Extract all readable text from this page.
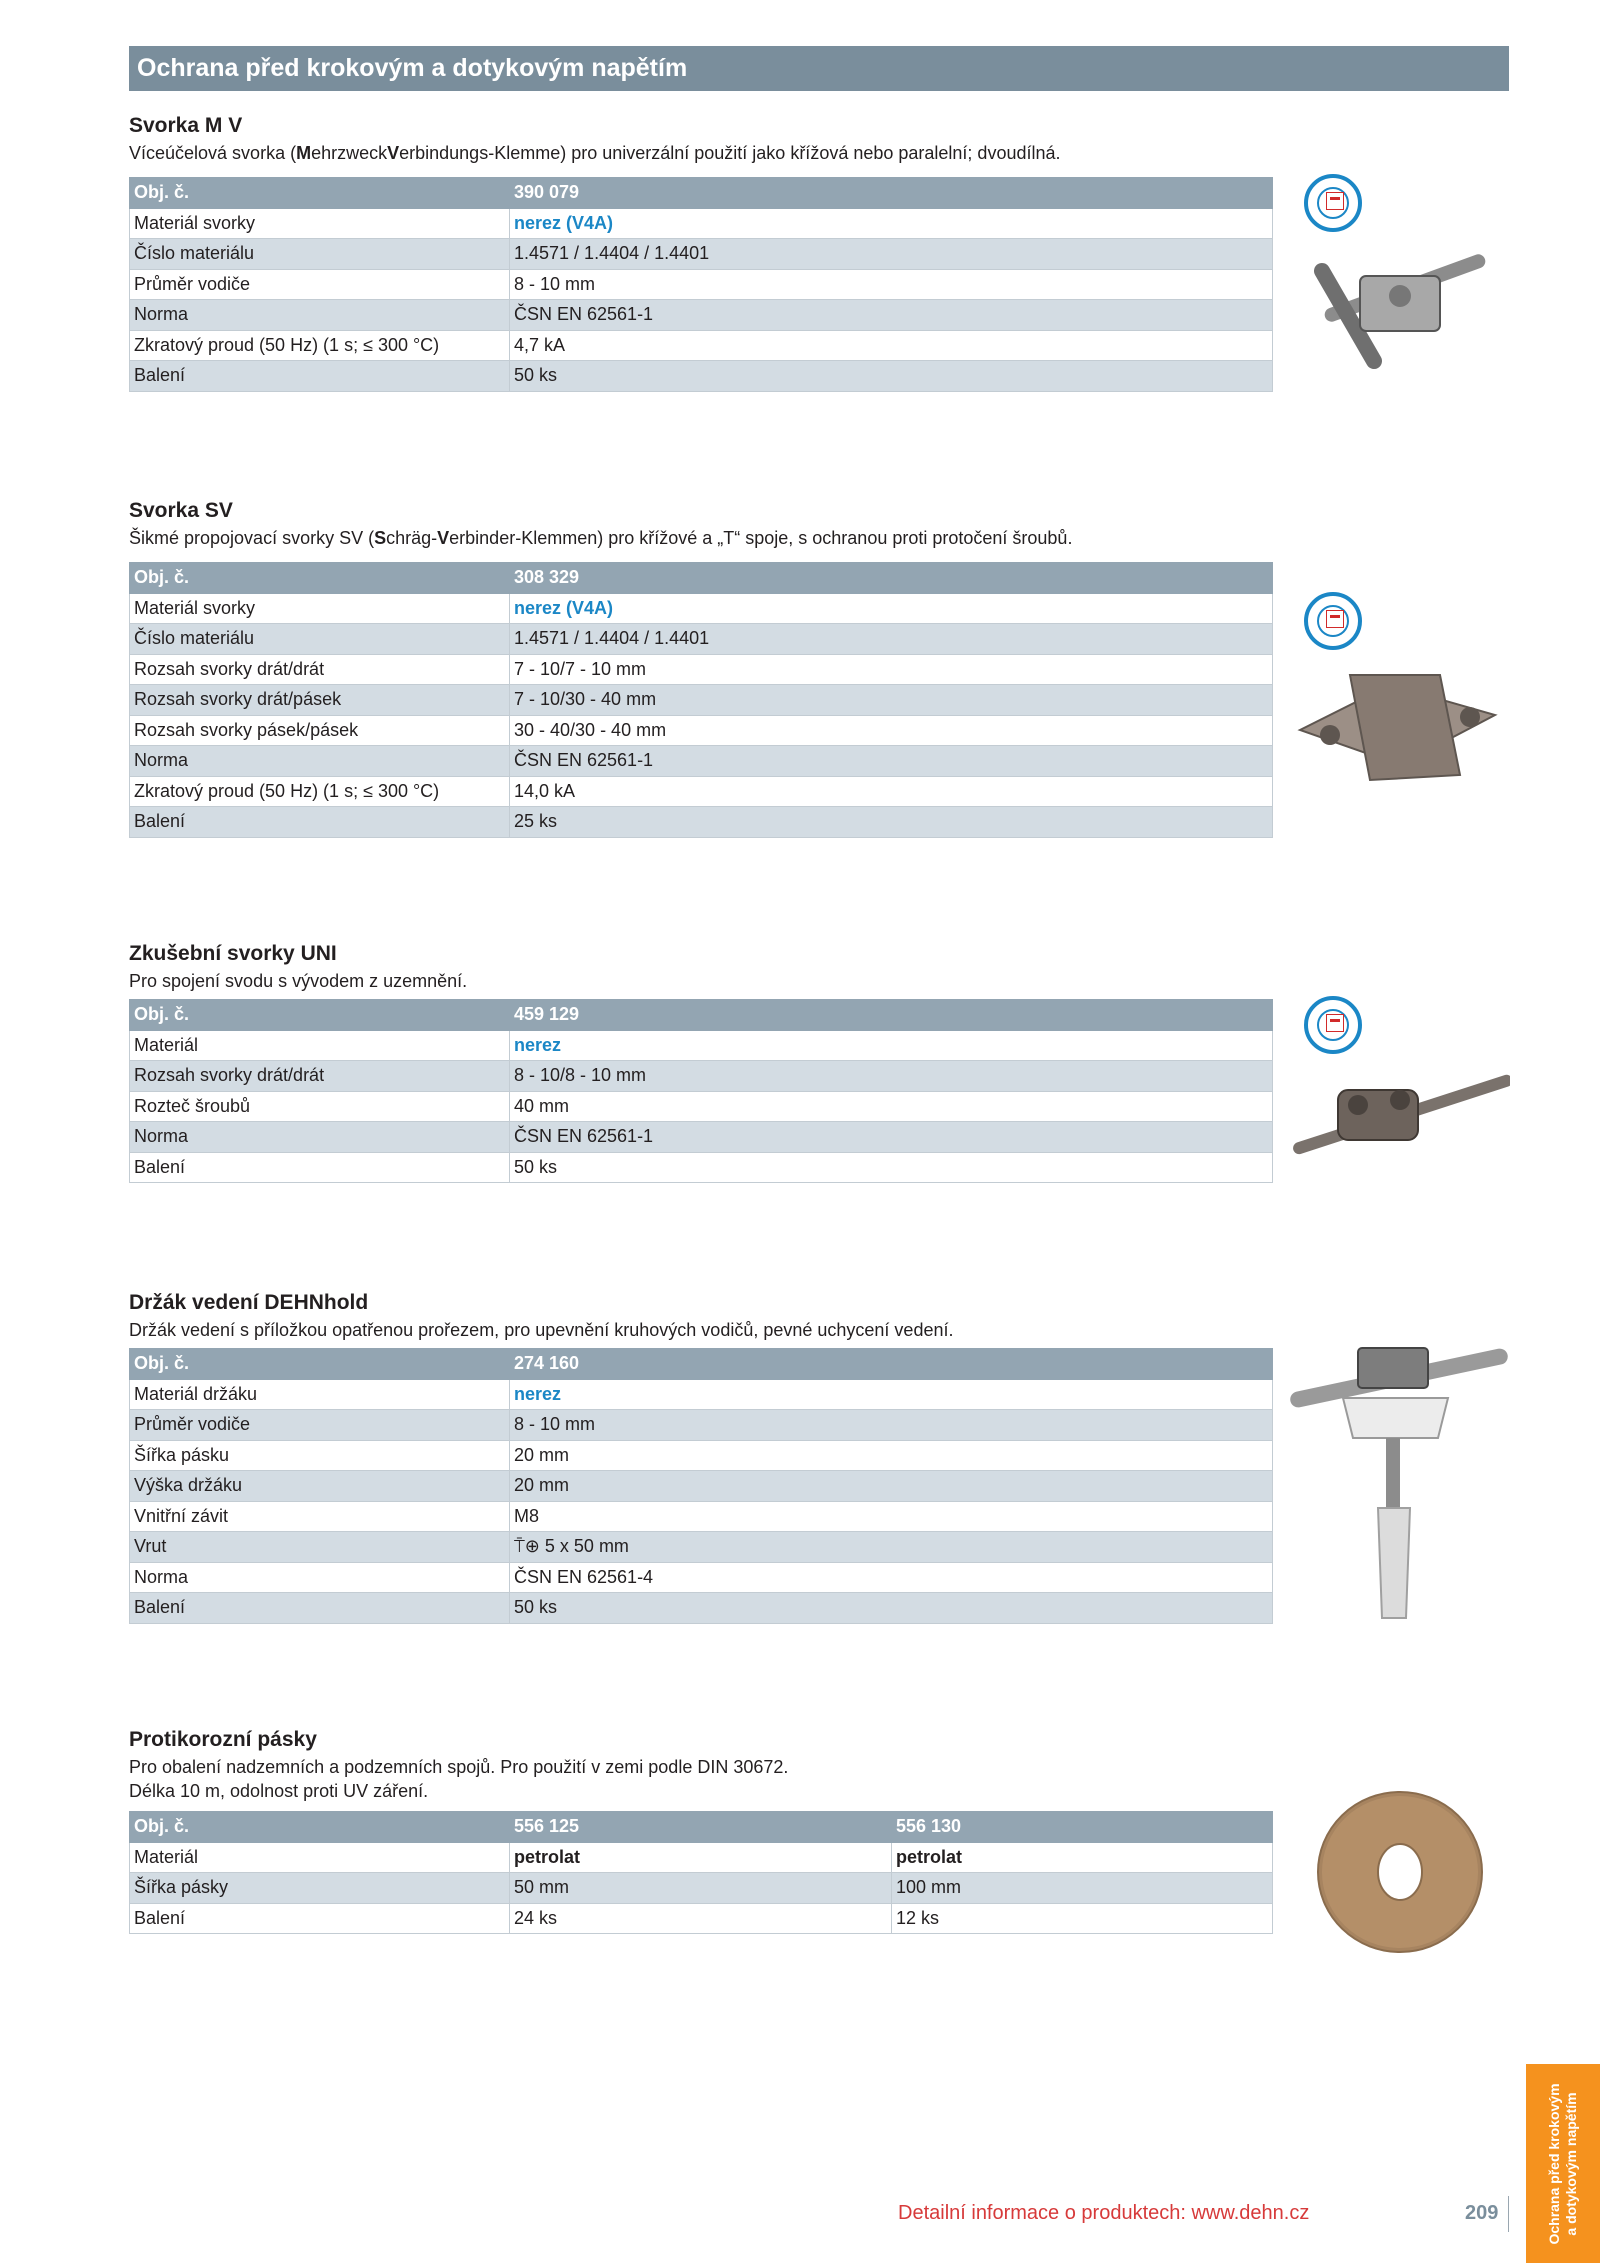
Ochrana před krokovým a dotykovým napětím
Svorka M V

Víceúčelová svorka (MehrzweckVerbindungs-Klemme) pro univerzální použití jako křížová nebo paralelní; dvoudílná.

Obj. č.	390 079
Materiál svorky	nerez (V4A)
Číslo materiálu	1.4571 / 1.4404 / 1.4401
Průměr vodiče	8 - 10 mm
Norma	ČSN EN 62561-1
Zkratový proud (50 Hz) (1 s; ≤ 300 °C)	4,7 kA
Balení	50 ks
Svorka SV

Šikmé propojovací svorky SV (Schräg-Verbinder-Klemmen) pro křížové a „T“ spoje, s ochranou proti protočení šroubů.

Obj. č.	308 329
Materiál svorky	nerez (V4A)
Číslo materiálu	1.4571 / 1.4404 / 1.4401
Rozsah svorky drát/drát	7 - 10/7 - 10 mm
Rozsah svorky drát/pásek	7 - 10/30 - 40 mm
Rozsah svorky pásek/pásek	30 - 40/30 - 40 mm
Norma	ČSN EN 62561-1
Zkratový proud (50 Hz) (1 s; ≤ 300 °C)	14,0 kA
Balení	25 ks
Zkušební svorky UNI

Pro spojení svodu s vývodem z uzemnění.

Obj. č.	459 129
Materiál	nerez
Rozsah svorky drát/drát	8 - 10/8 - 10 mm
Rozteč šroubů	40 mm
Norma	ČSN EN 62561-1
Balení	50 ks
Držák vedení DEHNhold

Držák vedení s příložkou opatřenou prořezem, pro upevnění kruhových vodičů, pevné uchycení vedení.

Obj. č.	274 160
Materiál držáku	nerez
Průměr vodiče	8 - 10 mm
Šířka pásku	20 mm
Výška držáku	20 mm
Vnitřní závit	M8
Vrut	⍑⊕ 5 x 50 mm
Norma	ČSN EN 62561-4
Balení	50 ks
Protikorozní pásky

Pro obalení nadzemních a podzemních spojů. Pro použití v zemi podle DIN 30672.

Délka 10 m, odolnost proti UV záření.

Obj. č.	556 125	556 130
Materiál	petrolat	petrolat
Šířka pásky	50 mm	100 mm
Balení	24 ks	12 ks
Detailní informace o produktech: www.dehn.cz	209	Ochrana před krokovým a dotykovým napětím
